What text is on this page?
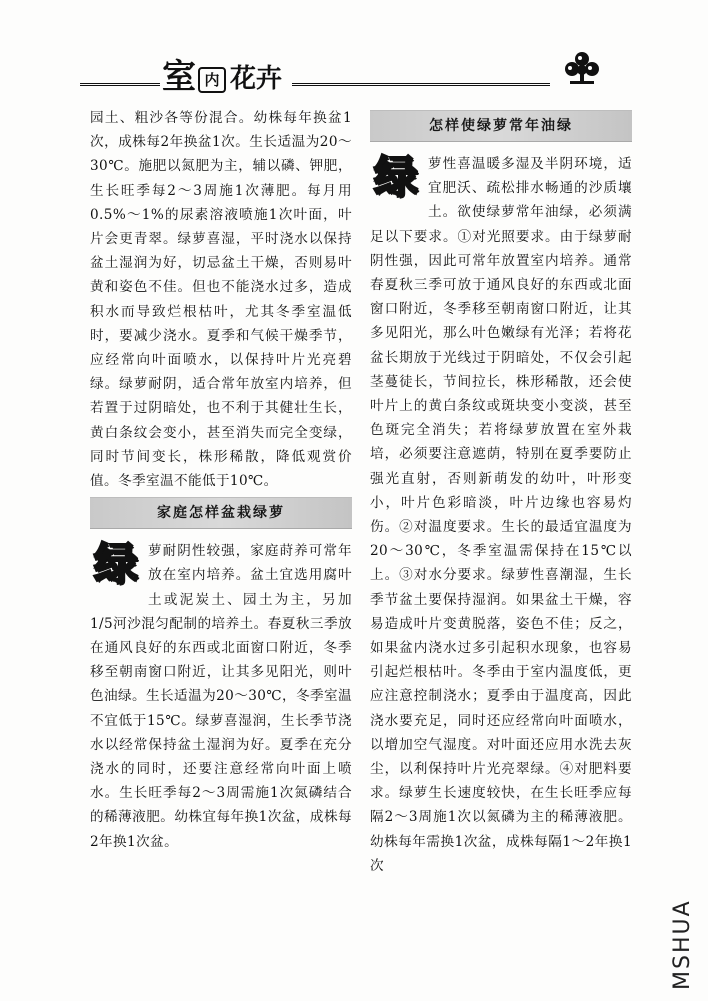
室 内 花卉

园土、粗沙各等份混合。幼株每年换盆1次，成株每2年换盆1次。生长适温为20～30℃。施肥以氮肥为主，辅以磷、钾肥，生长旺季每2～3周施1次薄肥。每月用0.5%～1%的尿素溶液喷施1次叶面，叶片会更青翠。绿萝喜湿，平时浇水以保持盆土湿润为好，切忌盆土干燥，否则易叶黄和姿色不佳。但也不能浇水过多，造成积水而导致烂根枯叶，尤其冬季室温低时，要减少浇水。夏季和气候干燥季节，应经常向叶面喷水，以保持叶片光亮碧绿。绿萝耐阴，适合常年放室内培养，但若置于过阴暗处，也不利于其健壮生长，黄白条纹会变小，甚至消失而完全变绿，同时节间变长，株形稀散，降低观赏价值。冬季室温不能低于10℃。

家庭怎样盆栽绿萝

绿萝耐阴性较强，家庭莳养可常年放在室内培养。盆土宜选用腐叶土或泥炭土、园土为主，另加1/5河沙混匀配制的培养土。春夏秋三季放在通风良好的东西或北面窗口附近，冬季移至朝南窗口附近，让其多见阳光，则叶色油绿。生长适温为20～30℃，冬季室温不宜低于15℃。绿萝喜湿润，生长季节浇水以经常保持盆土湿润为好。夏季在充分浇水的同时，还要注意经常向叶面上喷水。生长旺季每2～3周需施1次氮磷结合的稀薄液肥。幼株宜每年换1次盆，成株每2年换1次盆。

怎样使绿萝常年油绿

绿萝性喜温暖多湿及半阴环境，适宜肥沃、疏松排水畅通的沙质壤土。欲使绿萝常年油绿，必须满足以下要求。①对光照要求。由于绿萝耐阴性强，因此可常年放置室内培养。通常春夏秋三季可放于通风良好的东西或北面窗口附近，冬季移至朝南窗口附近，让其多见阳光，那么叶色嫩绿有光泽；若将花盆长期放于光线过于阴暗处，不仅会引起茎蔓徒长，节间拉长，株形稀散，还会使叶片上的黄白条纹或斑块变小变淡，甚至色斑完全消失；若将绿萝放置在室外栽培，必须要注意遮荫，特别在夏季要防止强光直射，否则新萌发的幼叶，叶形变小，叶片色彩暗淡，叶片边缘也容易灼伤。②对温度要求。生长的最适宜温度为20～30℃，冬季室温需保持在15℃以上。③对水分要求。绿萝性喜潮湿，生长季节盆土要保持湿润。如果盆土干燥，容易造成叶片变黄脱落，姿色不佳；反之，如果盆内浇水过多引起积水现象，也容易引起烂根枯叶。冬季由于室内温度低，更应注意控制浇水；夏季由于温度高，因此浇水要充足，同时还应经常向叶面喷水，以增加空气湿度。对叶面还应用水洗去灰尘，以利保持叶片光亮翠绿。④对肥料要求。绿萝生长速度较快，在生长旺季应每隔2～3周施1次以氮磷为主的稀薄液肥。幼株每年需换1次盆，成株每隔1～2年换1次

MSHUA
